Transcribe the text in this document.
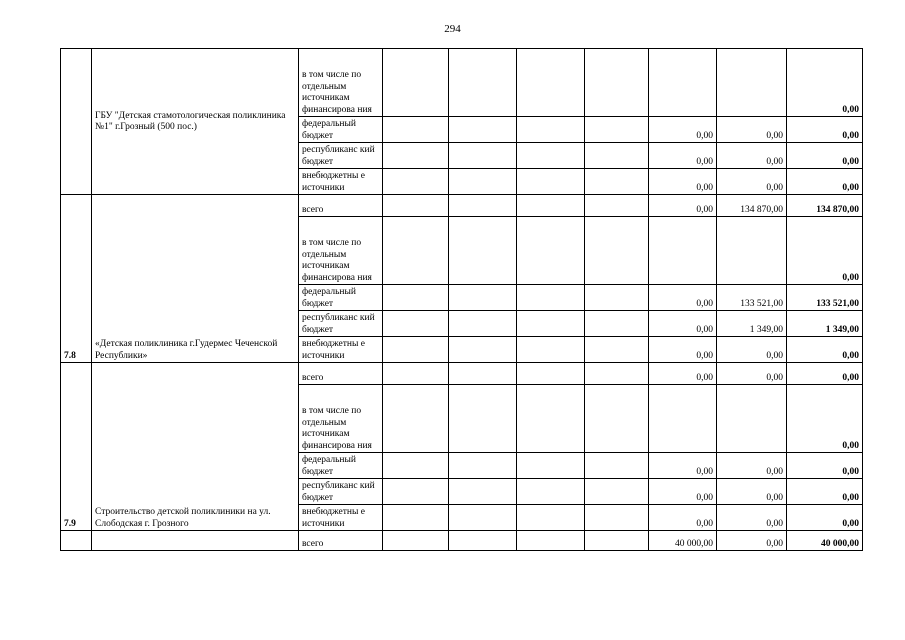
294
	ГБУ "Детская стамотологическая поликлиника №1" г.Грозный (500 пос.)	в том числе по отдельным источникам финансирова ния							0,00
		федеральный бюджет					0,00	0,00	0,00
		республиканс кий бюджет					0,00	0,00	0,00
		внебюджетны е источники					0,00	0,00	0,00
7.8	«Детская поликлиника г.Гудермес Чеченской Республики»	всего					0,00	134 870,00	134 870,00
		в том числе по отдельным источникам финансирова ния							0,00
		федеральный бюджет					0,00	133 521,00	133 521,00
		республиканс кий бюджет					0,00	1 349,00	1 349,00
		внебюджетны е источники					0,00	0,00	0,00
7.9	Строительство детской поликлиники на ул. Слободская г. Грозного	всего					0,00	0,00	0,00
		в том числе по отдельным источникам финансирова ния							0,00
		федеральный бюджет					0,00	0,00	0,00
		республиканс кий бюджет					0,00	0,00	0,00
		внебюджетны е источники					0,00	0,00	0,00
		всего					40 000,00	0,00	40 000,00
